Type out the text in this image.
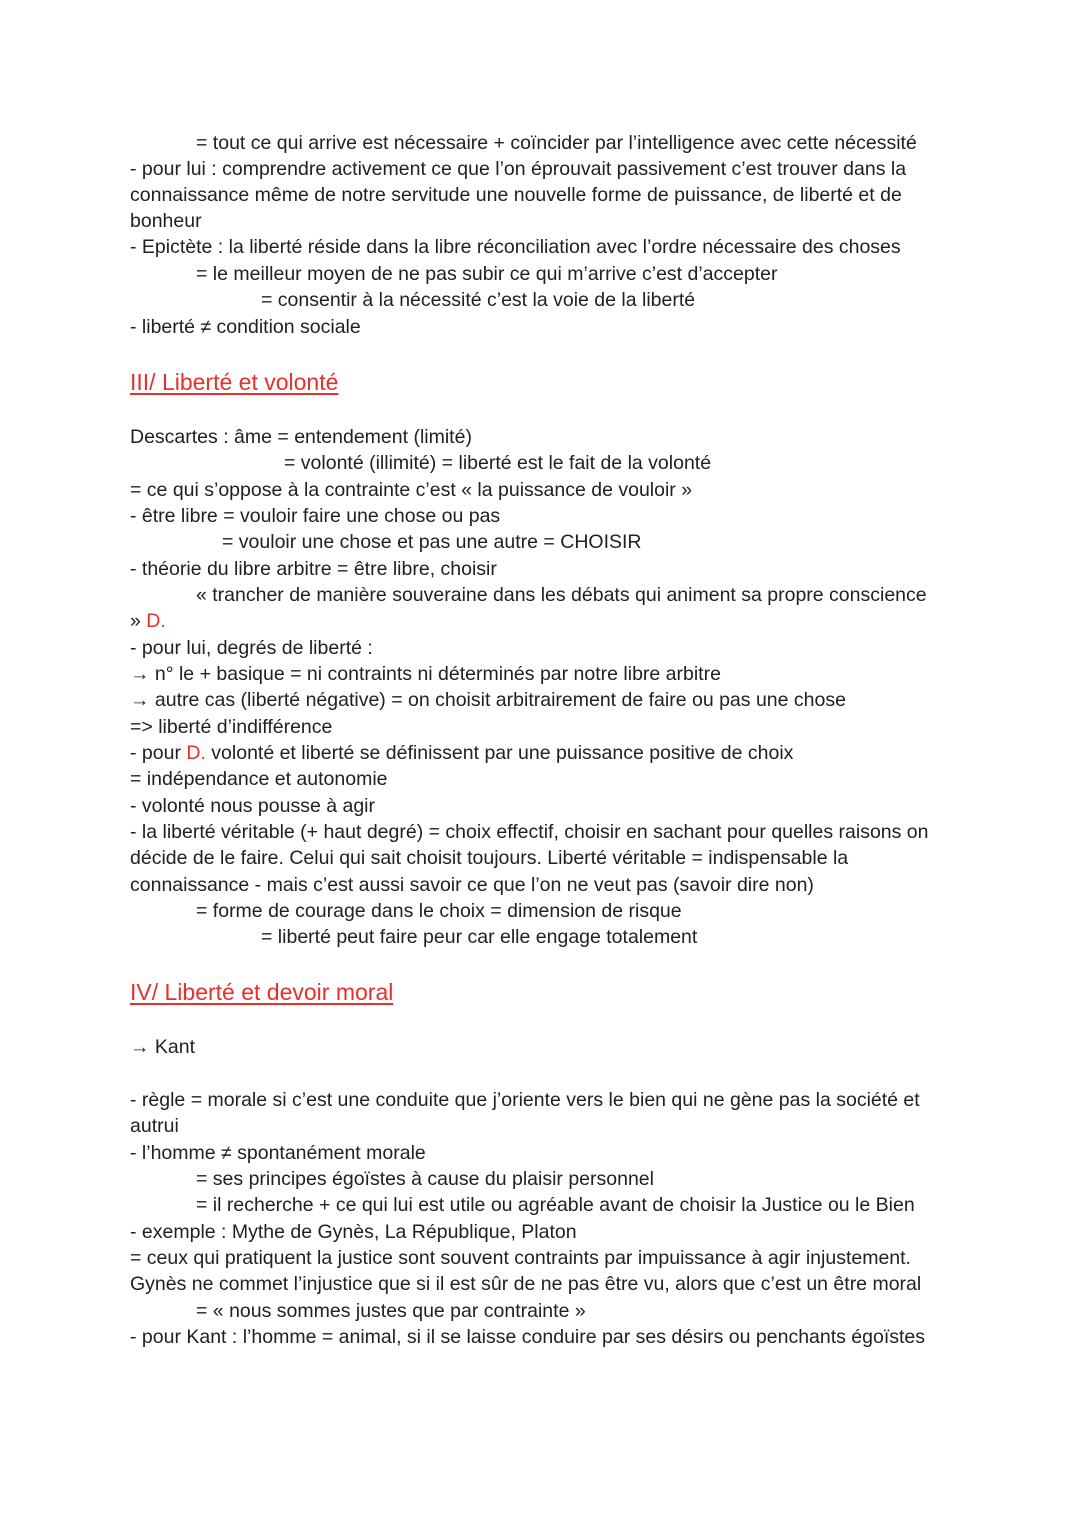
= tout ce qui arrive est nécessaire + coïncider par l’intelligence avec cette nécessité
- pour lui : comprendre activement ce que l’on éprouvait passivement c’est trouver dans la
connaissance même de notre servitude une nouvelle forme de puissance, de liberté et de
bonheur
- Epictète : la liberté réside dans la libre réconciliation avec l’ordre nécessaire des choses
= le meilleur moyen de ne pas subir ce qui m’arrive c’est d’accepter
= consentir à la nécessité c’est la voie de la liberté
- liberté ≠ condition sociale
III/ Liberté et volonté
Descartes : âme = entendement (limité)
= volonté (illimité) = liberté est le fait de la volonté
= ce qui s’oppose à la contrainte c’est « la puissance de vouloir »
- être libre = vouloir faire une chose ou pas
= vouloir une chose et pas une autre = CHOISIR
- théorie du libre arbitre = être libre, choisir
« trancher de manière souveraine dans les débats qui animent sa propre conscience
» D.
- pour lui, degrés de liberté :
→ n° le + basique = ni contraints ni déterminés par notre libre arbitre
→ autre cas (liberté négative) = on choisit arbitrairement de faire ou pas une chose
=> liberté d’indifférence
- pour D. volonté et liberté se définissent par une puissance positive de choix
= indépendance et autonomie
- volonté nous pousse à agir
- la liberté véritable (+ haut degré) = choix effectif, choisir en sachant pour quelles raisons on
décide de le faire. Celui qui sait choisit toujours. Liberté véritable = indispensable la
connaissance - mais c’est aussi savoir ce que l’on ne veut pas (savoir dire non)
= forme de courage dans le choix = dimension de risque
= liberté peut faire peur car elle engage totalement
IV/ Liberté et devoir moral
→ Kant
- règle = morale si c’est une conduite que j’oriente vers le bien qui ne gène pas la société et
autrui
- l’homme ≠ spontanément morale
= ses principes égoïstes à cause du plaisir personnel
= il recherche + ce qui lui est utile ou agréable avant de choisir la Justice ou le Bien
- exemple : Mythe de Gynès, La République, Platon
= ceux qui pratiquent la justice sont souvent contraints par impuissance à agir injustement.
Gynès ne commet l’injustice que si il est sûr de ne pas être vu, alors que c’est un être moral
= « nous sommes justes que par contrainte »
- pour Kant : l’homme = animal, si il se laisse conduire par ses désirs ou penchants égoïstes
